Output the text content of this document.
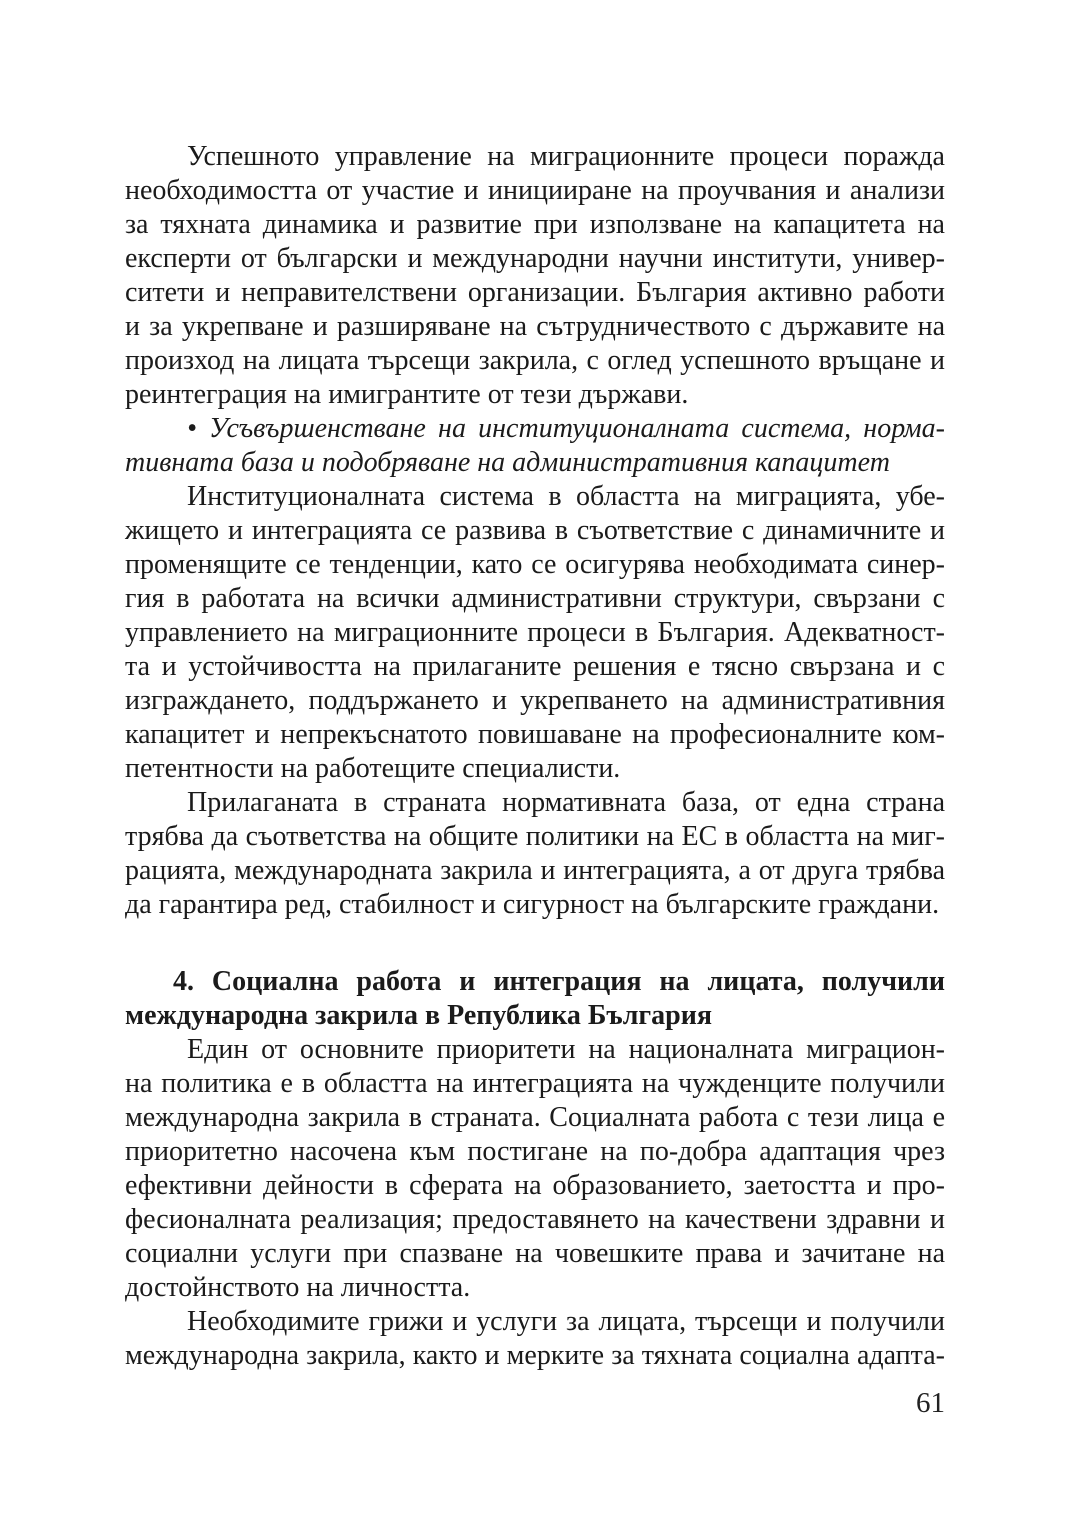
Успешното управление на миграционните процеси поражда
необходимостта от участие и иницииране на проучвания и анализи
за тяхната динамика и развитие при използване на капацитета на
експерти от български и международни научни институти, универ-
ситети и неправителствени организации. България активно работи
и за укрепване и разширяване на сътрудничеството с държавите на
произход на лицата търсещи закрила, с оглед успешното връщане и
реинтеграция на имигрантите от тези държави.
• Усъвършенстване на институционалната система, норма-
тивната база и подобряване на административния капацитет
Институционалната система в областта на миграцията, убе-
жището и интеграцията се развива в съответствие с динамичните и
променящите се тенденции, като се осигурява необходимата синер-
гия в работата на всички административни структури, свързани с
управлението на миграционните процеси в България. Адекватност-
та и устойчивостта на прилаганите решения е тясно свързана и с
изграждането, поддържането и укрепването на административния
капацитет и непрекъснатото повишаване на професионалните ком-
петентности на работещите специалисти.
Прилаганата в страната нормативната база, от една страна
трябва да съответства на общите политики на ЕС в областта на миг-
рацията, международната закрила и интеграцията, а от друга трябва
да гарантира ред, стабилност и сигурност на българските граждани.
4. Социална работа и интеграция на лицата, получили
международна закрила в Република България
Един от основните приоритети на националната миграцион-
на политика е в областта на интеграцията на чужденците получили
международна закрила в страната. Социалната работа с тези лица е
приоритетно насочена към постигане на по-добра адаптация чрез
ефективни дейности в сферата на образованието, заетостта и про-
фесионалната реализация; предоставянето на качествени здравни и
социални услуги при спазване на човешките права и зачитане на
достойнството на личността.
Необходимите грижи и услуги за лицата, търсещи и получили
международна закрила, както и мерките за тяхната социална адапта-
61
